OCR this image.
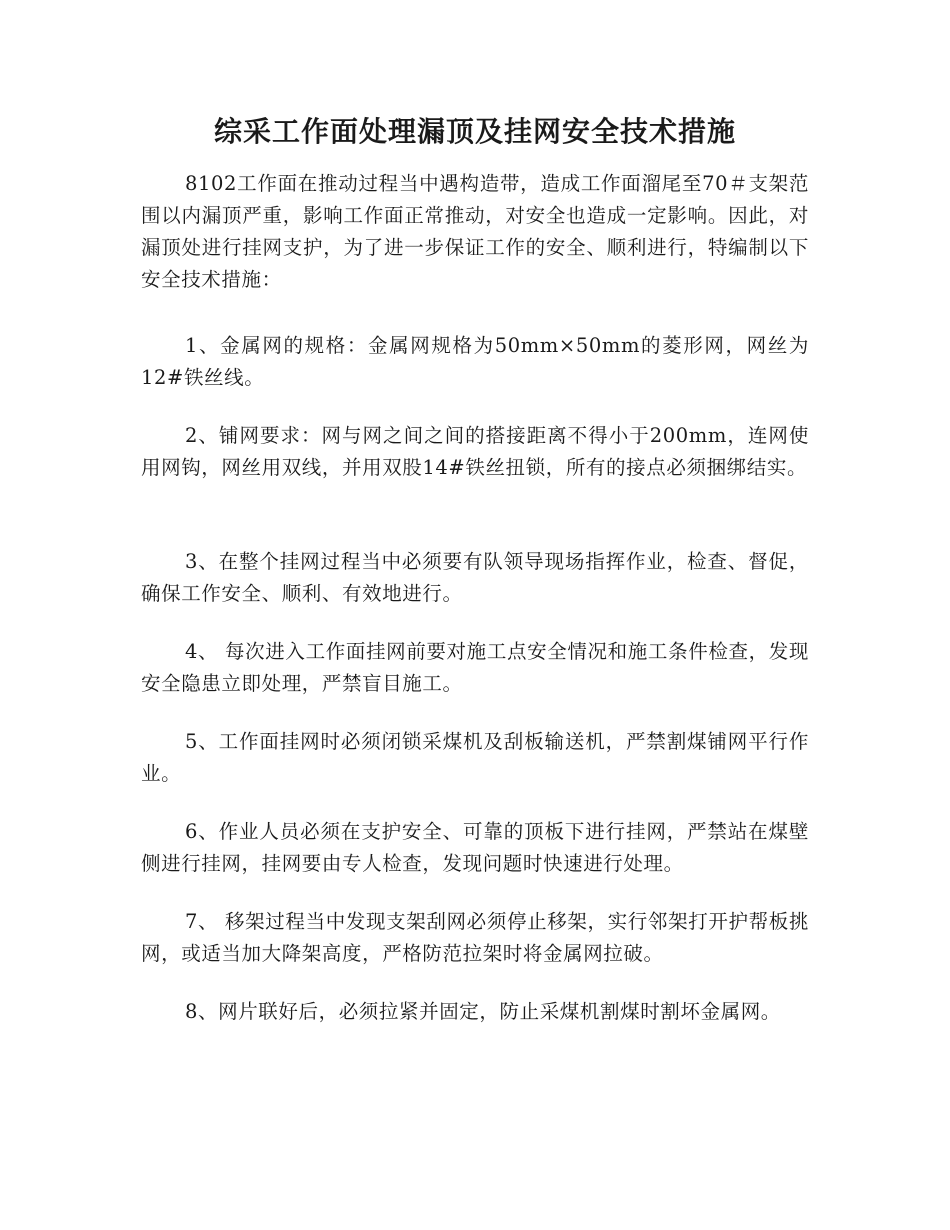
综采工作面处理漏顶及挂网安全技术措施

8102工作面在推动过程当中遇构造带，造成工作面溜尾至70＃支架范围以内漏顶严重，影响工作面正常推动，对安全也造成一定影响。因此，对漏顶处进行挂网支护，为了进一步保证工作的安全、顺利进行，特编制以下安全技术措施：

1、金属网的规格：金属网规格为50mm×50mm的菱形网，网丝为12#铁丝线。

2、铺网要求：网与网之间之间的搭接距离不得小于200mm，连网使用网钩，网丝用双线，并用双股14#铁丝扭锁，所有的接点必须捆绑结实。

3、在整个挂网过程当中必须要有队领导现场指挥作业，检查、督促，确保工作安全、顺利、有效地进行。

4、 每次进入工作面挂网前要对施工点安全情况和施工条件检查，发现安全隐患立即处理，严禁盲目施工。

5、工作面挂网时必须闭锁采煤机及刮板输送机，严禁割煤铺网平行作业。

6、作业人员必须在支护安全、可靠的顶板下进行挂网，严禁站在煤壁侧进行挂网，挂网要由专人检查，发现问题时快速进行处理。

7、 移架过程当中发现支架刮网必须停止移架，实行邻架打开护帮板挑网，或适当加大降架高度，严格防范拉架时将金属网拉破。

8、网片联好后，必须拉紧并固定，防止采煤机割煤时割坏金属网。
